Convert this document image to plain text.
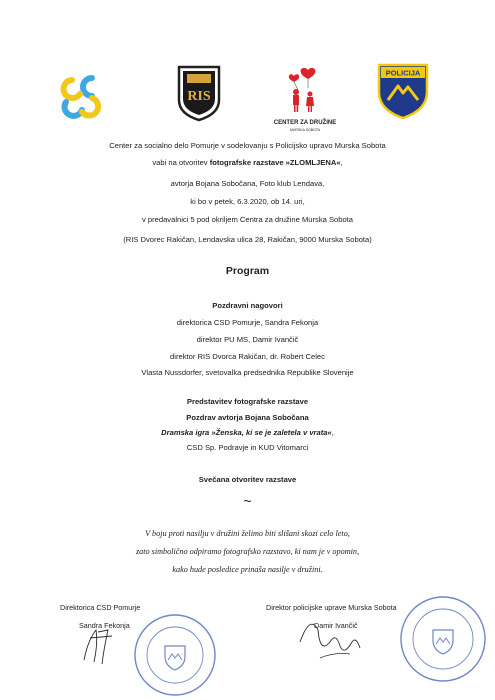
RIS
CENTER ZA DRUŽINE
MURSKA SOBOTA
POLICIJA
Center za socialno delo Pomurje v sodelovanju s Policijsko upravo Murska Sobota
vabi na otvoritev fotografske razstave »ZLOMLJENA«,
avtorja Bojana Sobočana, Foto klub Lendava,
ki bo v petek, 6.3.2020, ob 14. uri,
v predavalnici 5 pod okriljem Centra za družine Murska Sobota
(RIS Dvorec Rakičan, Lendavska ulica 28, Rakičan, 9000 Murska Sobota)
Program
Pozdravni nagovori
direktorica CSD Pomurje, Sandra Fekonja
direktor PU MS, Damir Ivančič
direktor RIS Dvorca Rakičan, dr. Robert Celec
Vlasta Nussdorfer, svetovalka predsednika Republike Slovenije
Predstavitev fotografske razstave
Pozdrav avtorja Bojana Sobočana
Dramska igra »Ženska, ki se je zaletela v vrata«,
CSD Sp. Podravje in KUD Vitomarci
Svečana otvoritev razstave
~
V boju proti nasilju v družini želimo biti slišani skozi celo leto,
zato simbolično odpiramo fotografsko razstavo, ki nam je v opomin,
kako hude posledice prinaša nasilje v družini.
Direktorica CSD Pomurje
Sandra Fekonja
Direktor policijske uprave Murska Sobota
Damir Ivančič
